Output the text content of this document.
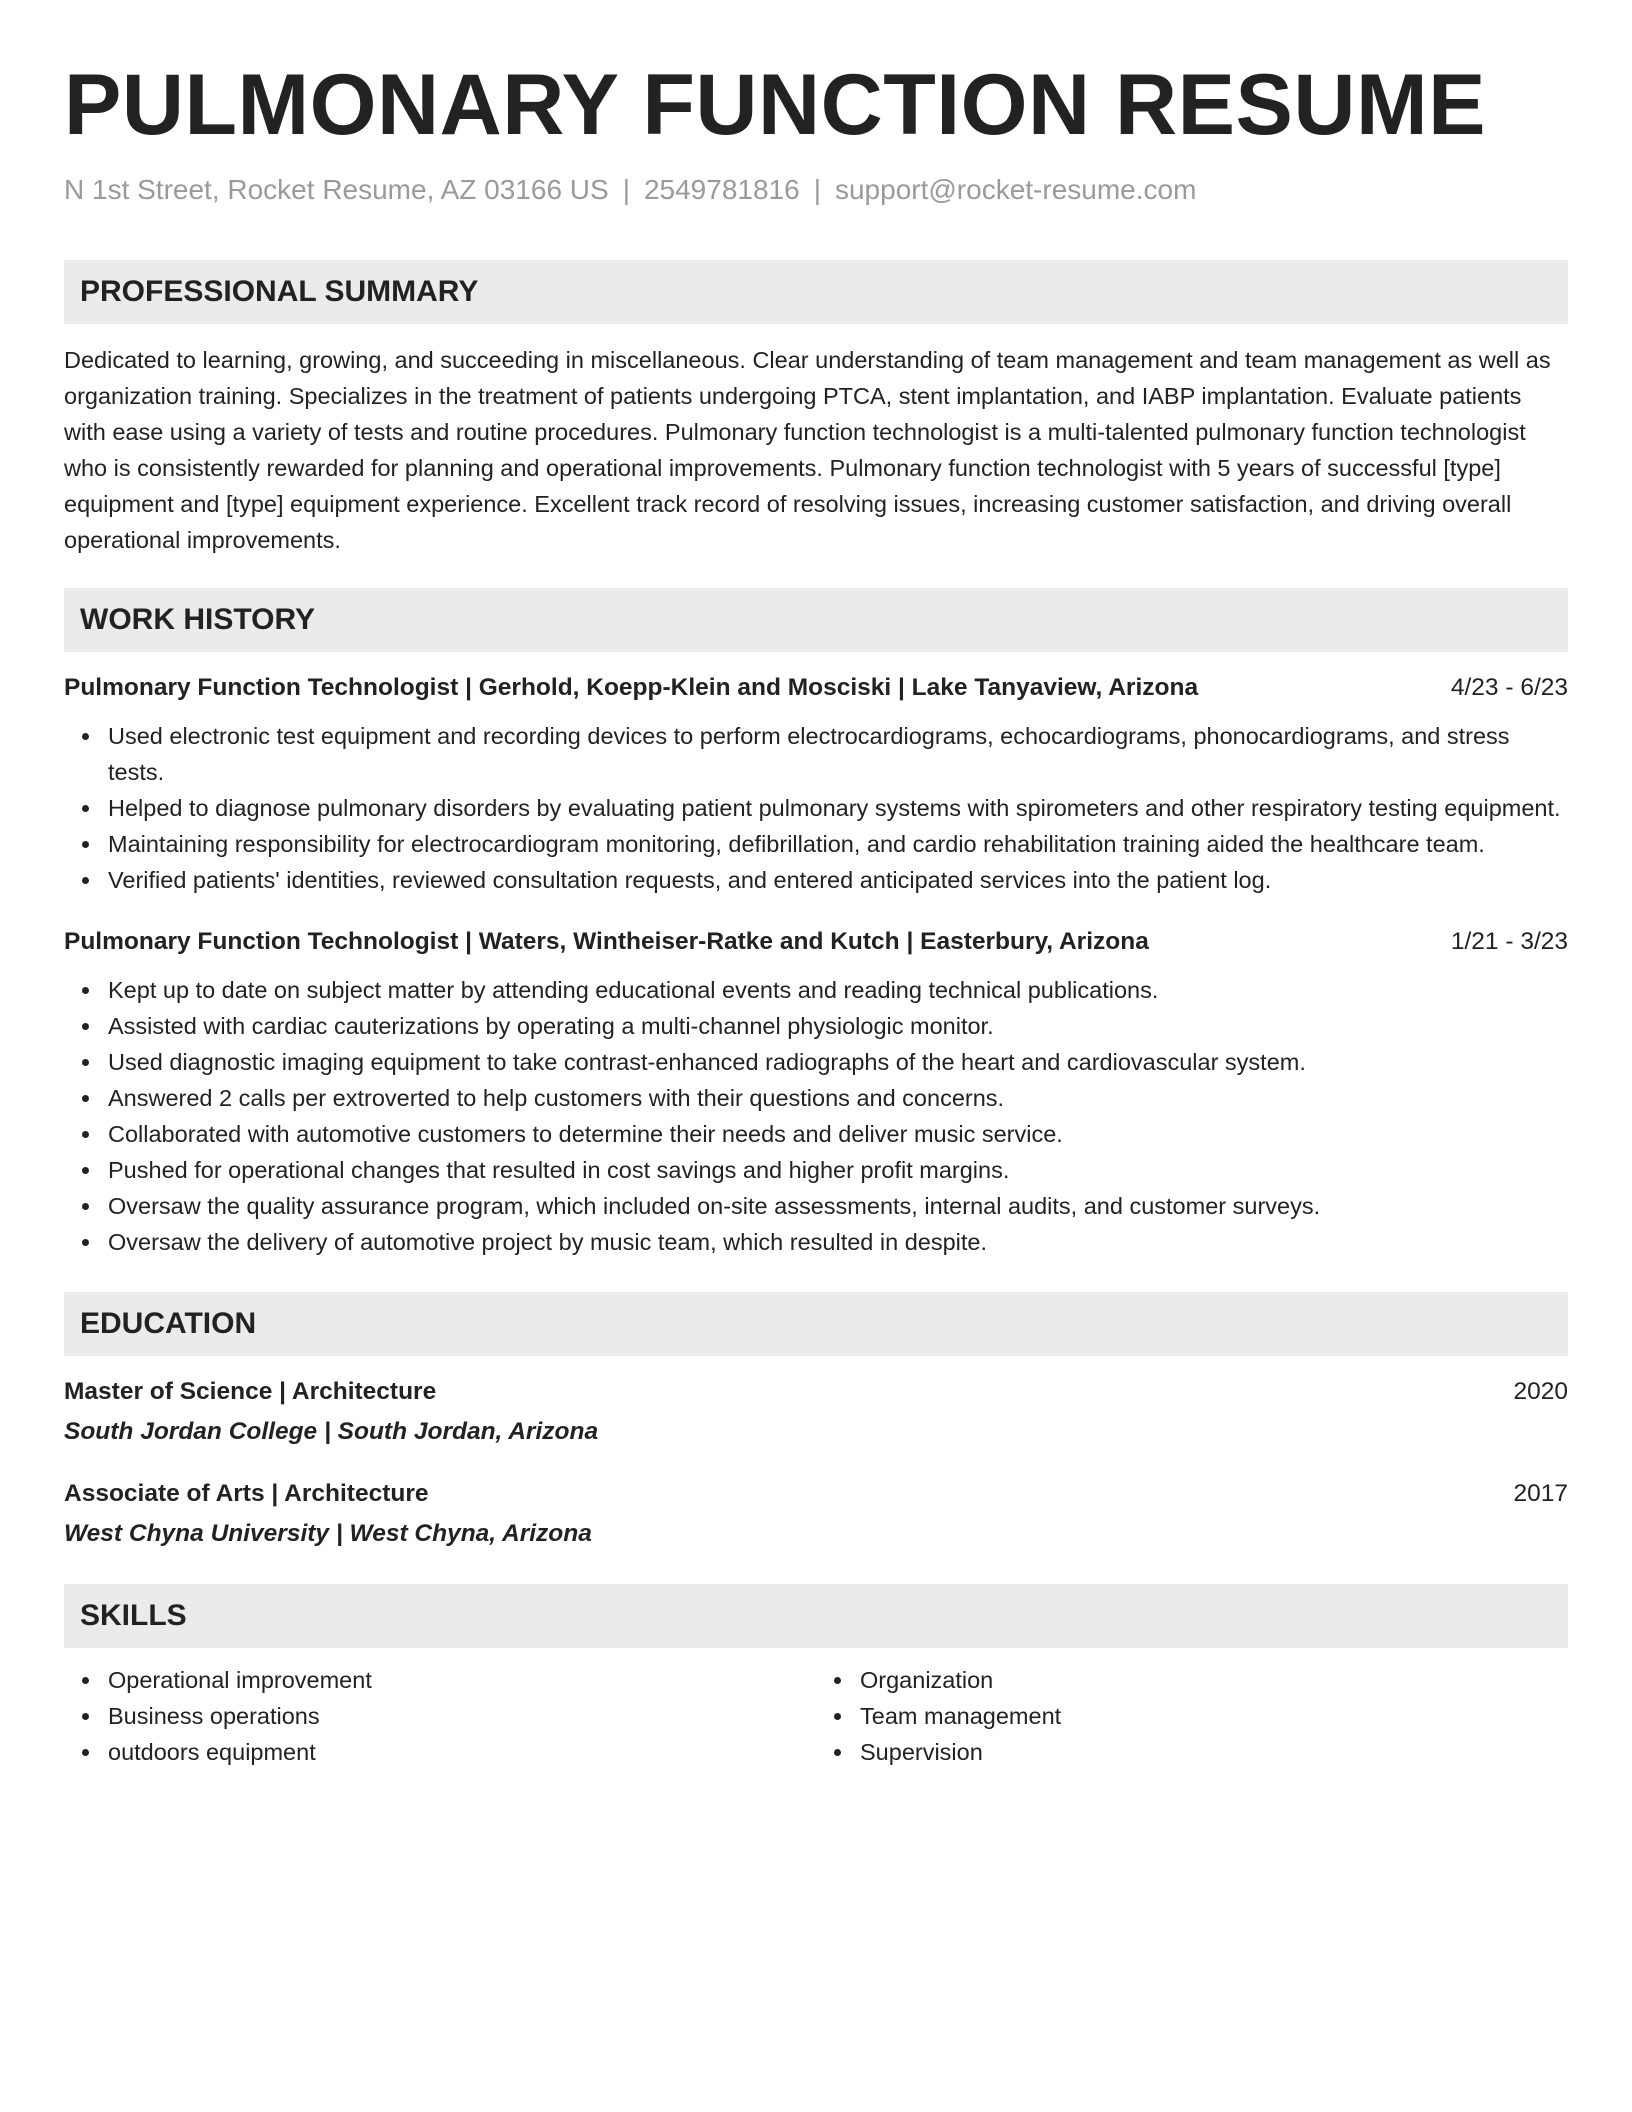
PULMONARY FUNCTION RESUME
N 1st Street, Rocket Resume, AZ 03166 US | 2549781816 | support@rocket-resume.com
PROFESSIONAL SUMMARY

Dedicated to learning, growing, and succeeding in miscellaneous. Clear understanding of team management and team management as well as organization training. Specializes in the treatment of patients undergoing PTCA, stent implantation, and IABP implantation. Evaluate patients with ease using a variety of tests and routine procedures. Pulmonary function technologist is a multi-talented pulmonary function technologist who is consistently rewarded for planning and operational improvements. Pulmonary function technologist with 5 years of successful [type] equipment and [type] equipment experience. Excellent track record of resolving issues, increasing customer satisfaction, and driving overall operational improvements.

WORK HISTORY
Pulmonary Function Technologist | Gerhold, Koepp-Klein and Mosciski | Lake Tanyaview, Arizona	4/23 - 6/23
Used electronic test equipment and recording devices to perform electrocardiograms, echocardiograms, phonocardiograms, and stress tests.
Helped to diagnose pulmonary disorders by evaluating patient pulmonary systems with spirometers and other respiratory testing equipment.
Maintaining responsibility for electrocardiogram monitoring, defibrillation, and cardio rehabilitation training aided the healthcare team.
Verified patients' identities, reviewed consultation requests, and entered anticipated services into the patient log.
Pulmonary Function Technologist | Waters, Wintheiser-Ratke and Kutch | Easterbury, Arizona	1/21 - 3/23
Kept up to date on subject matter by attending educational events and reading technical publications.
Assisted with cardiac cauterizations by operating a multi-channel physiologic monitor.
Used diagnostic imaging equipment to take contrast-enhanced radiographs of the heart and cardiovascular system.
Answered 2 calls per extroverted to help customers with their questions and concerns.
Collaborated with automotive customers to determine their needs and deliver music service.
Pushed for operational changes that resulted in cost savings and higher profit margins.
Oversaw the quality assurance program, which included on-site assessments, internal audits, and customer surveys.
Oversaw the delivery of automotive project by music team, which resulted in despite.
EDUCATION
Master of Science | Architecture	2020
South Jordan College | South Jordan, Arizona
Associate of Arts | Architecture	2017
West Chyna University | West Chyna, Arizona
SKILLS
Operational improvement
Business operations
outdoors equipment
Organization
Team management
Supervision
